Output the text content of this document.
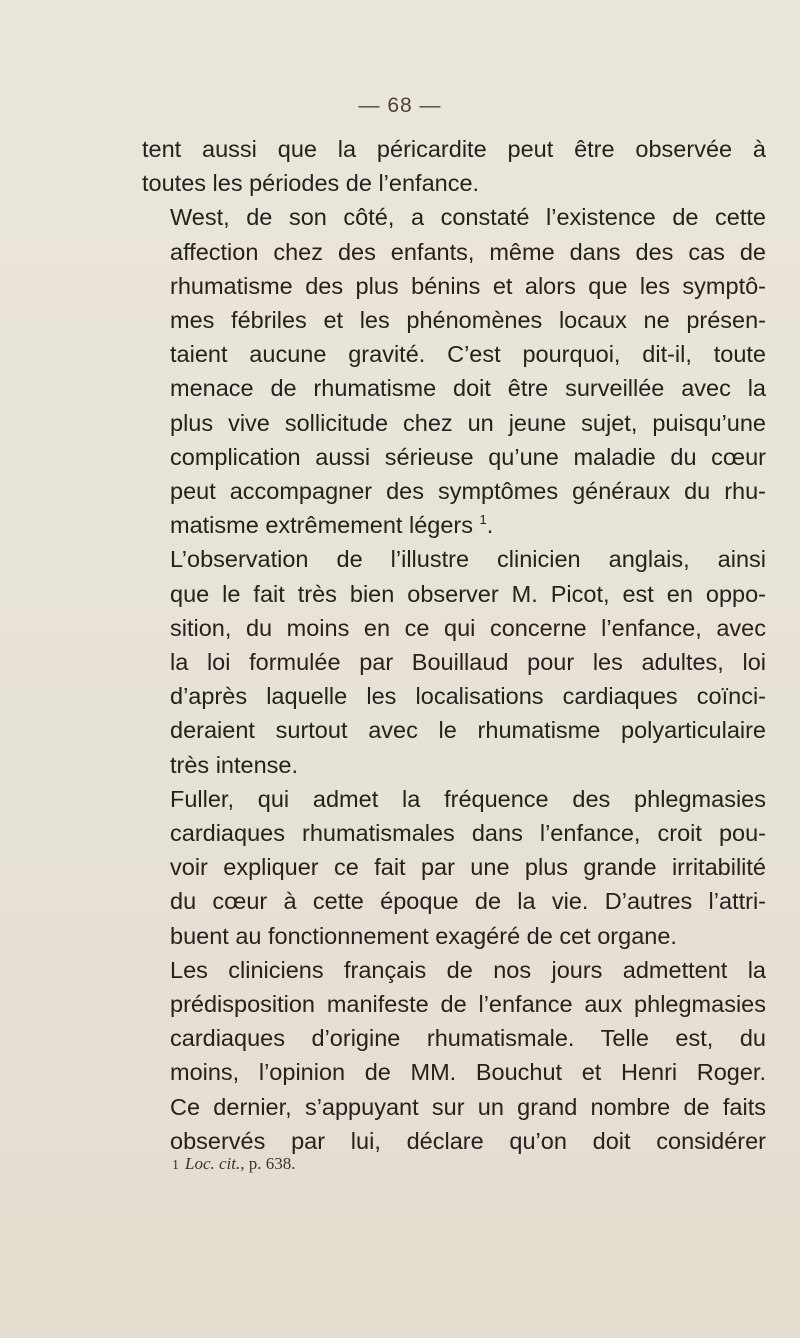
— 68 —

tent aussi que la péricardite peut être observée à
toutes les périodes de l’enfance.

West, de son côté, a constaté l’existence de cette
affection chez des enfants, même dans des cas de
rhumatisme des plus bénins et alors que les symptô-
mes fébriles et les phénomènes locaux ne présen-
taient aucune gravité. C’est pourquoi, dit-il, toute
menace de rhumatisme doit être surveillée avec la
plus vive sollicitude chez un jeune sujet, puisqu’une
complication aussi sérieuse qu’une maladie du cœur
peut accompagner des symptômes généraux du rhu-
matisme extrêmement légers $^1$.

L’observation de l’illustre clinicien anglais, ainsi
que le fait très bien observer M. Picot, est en oppo-
sition, du moins en ce qui concerne l’enfance, avec
la loi formulée par Bouillaud pour les adultes, loi
d’après laquelle les localisations cardiaques coïnci-
deraient surtout avec le rhumatisme polyarticulaire
très intense.

Fuller, qui admet la fréquence des phlegmasies
cardiaques rhumatismales dans l’enfance, croit pou-
voir expliquer ce fait par une plus grande irritabilité
du cœur à cette époque de la vie. D’autres l’attri-
buent au fonctionnement exagéré de cet organe.

Les cliniciens français de nos jours admettent la
prédisposition manifeste de l’enfance aux phlegmasies
cardiaques d’origine rhumatismale. Telle est, du
moins, l’opinion de MM. Bouchut et Henri Roger.
Ce dernier, s’appuyant sur un grand nombre de faits
observés par lui, déclare qu’on doit considérer

1 Loc. cit., p. 638.
